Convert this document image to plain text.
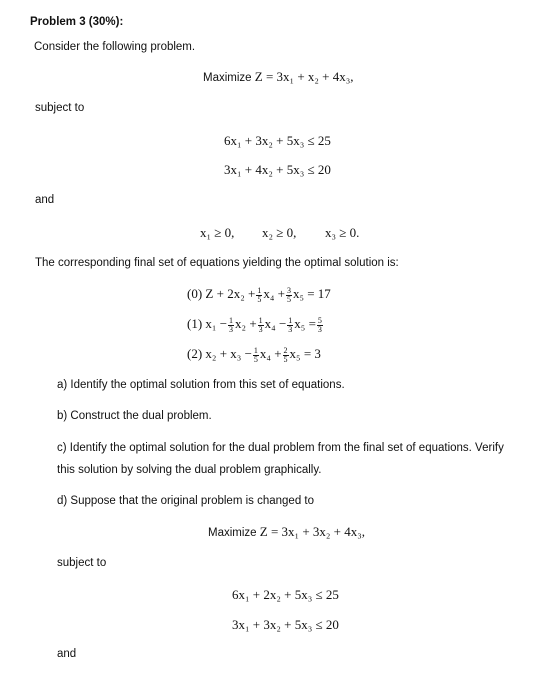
Problem 3 (30%):
Consider the following problem.
Maximize Z = 3x₁ + x₂ + 4x₃,
subject to
6x₁ + 3x₂ + 5x₃ ≤ 25
3x₁ + 4x₂ + 5x₃ ≤ 20
and
x₁ ≥ 0, x₂ ≥ 0, x₃ ≥ 0.
The corresponding final set of equations yielding the optimal solution is:
(0) $Z + 2x_2 + \frac{1}{5} x_4 + \frac{3}{5} x_5 = 17$
(1) $x_1 - \frac{1}{3} x_2 + \frac{1}{3} x_4 - \frac{1}{3} x_5 = \frac{5}{3}$
(2) $x_2 + x_3 - \frac{1}{5} x_4 + \frac{2}{5} x_5 = 3$
a) Identify the optimal solution from this set of equations.
b) Construct the dual problem.
c) Identify the optimal solution for the dual problem from the final set of equations. Verify
this solution by solving the dual problem graphically.
d) Suppose that the original problem is changed to
Maximize Z = 3x₁ + 3x₂ + 4x₃,
subject to
6x₁ + 2x₂ + 5x₃ ≤ 25
3x₁ + 3x₂ + 5x₃ ≤ 20
and
